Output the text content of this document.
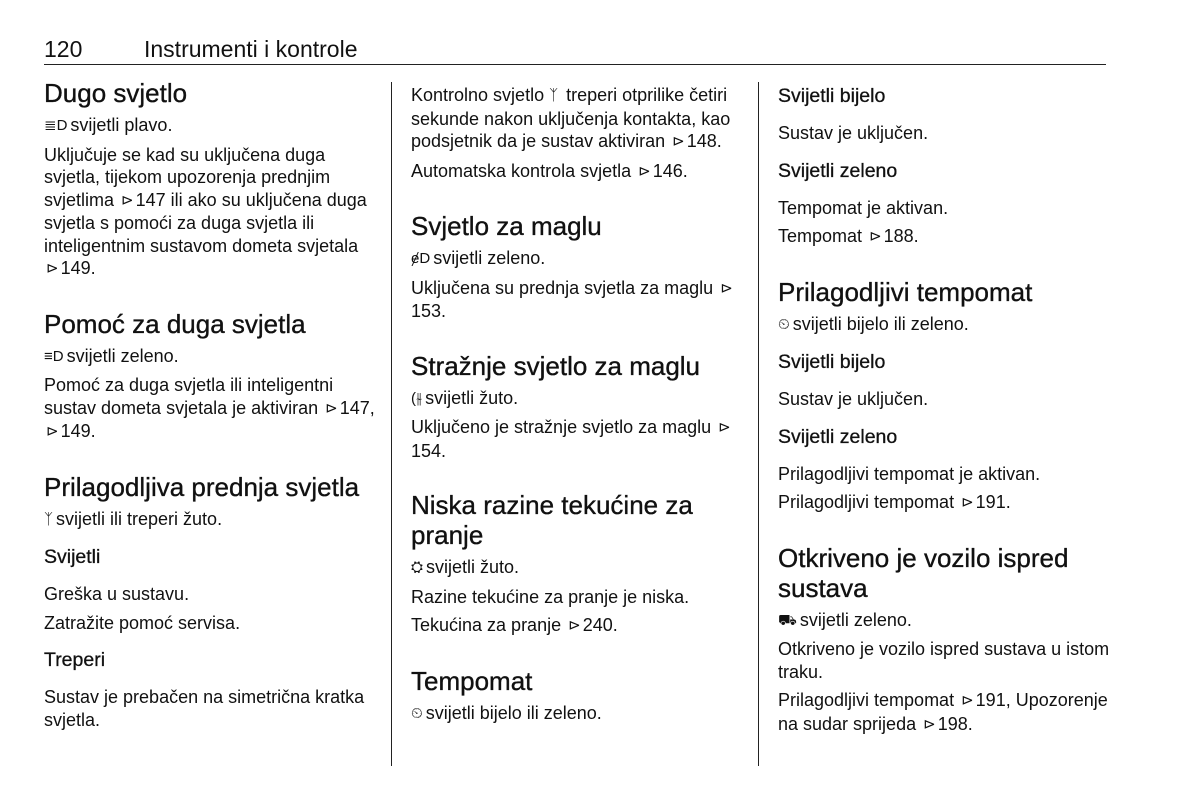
120	Instrumenti i kontrole
Dugo svjetlo

≣D svijetli plavo.

Uključuje se kad su uključena duga svjetla, tijekom upozorenja prednjim svjetlima ⊳ 147 ili ako su uključena duga svjetla s pomoći za duga svjetla ili inteligentnim sustavom dometa svjetala ⊳ 149.

Pomoć za duga svjetla

≡D svijetli zeleno.

Pomoć za duga svjetla ili inteligentni sustav dometa svjetala je aktiviran ⊳ 147, ⊳ 149.

Prilagodljiva prednja svjetla

ᛉ svijetli ili treperi žuto.

Svijetli

Greška u sustavu.

Zatražite pomoć servisa.

Treperi

Sustav je prebačen na simetrična kratka svjetla.

Kontrolno svjetlo ᛉ treperi otprilike četiri sekunde nakon uključenja kontakta, kao podsjetnik da je sustav aktiviran ⊳ 148.

Automatska kontrola svjetla ⊳ 146.

Svjetlo za maglu

ɇD svijetli zeleno.

Uključena su prednja svjetla za maglu ⊳153.

Stražnje svjetlo za maglu

(⫳ svijetli žuto.

Uključeno je stražnje svjetlo za maglu ⊳154.

Niska razine tekućine za pranje

⛭ svijetli žuto.

Razine tekućine za pranje je niska.

Tekućina za pranje ⊳ 240.

Tempomat

⏲ svijetli bijelo ili zeleno.

Svijetli bijelo

Sustav je uključen.

Svijetli zeleno

Tempomat je aktivan.

Tempomat ⊳ 188.

Prilagodljivi tempomat

⏲ svijetli bijelo ili zeleno.

Svijetli bijelo

Sustav je uključen.

Svijetli zeleno

Prilagodljivi tempomat je aktivan.

Prilagodljivi tempomat ⊳ 191.

Otkriveno je vozilo ispred sustava

⛟ svijetli zeleno.

Otkriveno je vozilo ispred sustava u istom traku.

Prilagodljivi tempomat ⊳ 191, Upozorenje na sudar sprijeda ⊳ 198.
